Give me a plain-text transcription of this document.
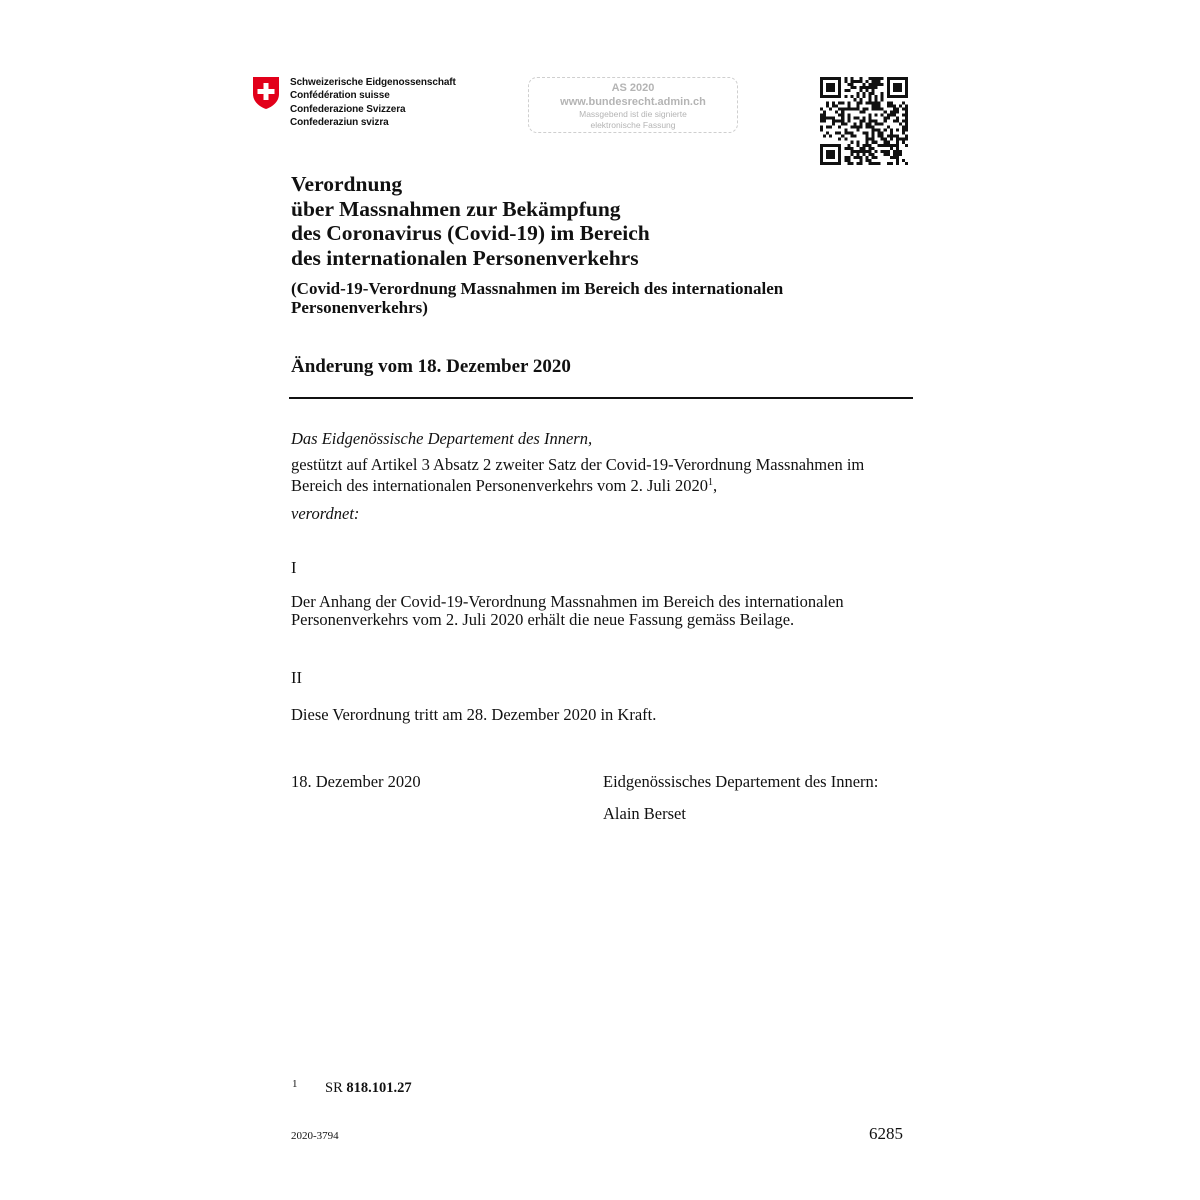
Schweizerische Eidgenossenschaft
Confédération suisse
Confederazione Svizzera
Confederaziun svizra
AS 2020
www.bundesrecht.admin.ch
Massgebend ist die signierte
elektronische Fassung
Verordnung
über Massnahmen zur Bekämpfung
des Coronavirus (Covid-19) im Bereich
des internationalen Personenverkehrs
(Covid-19-Verordnung Massnahmen im Bereich des internationalen Personenverkehrs)
Änderung vom 18. Dezember 2020
Das Eidgenössische Departement des Innern,
gestützt auf Artikel 3 Absatz 2 zweiter Satz der Covid-19-Verordnung Massnahmen im Bereich des internationalen Personenverkehrs vom 2. Juli 2020$^1$,
verordnet:
I
Der Anhang der Covid-19-Verordnung Massnahmen im Bereich des internationalen Personenverkehrs vom 2. Juli 2020 erhält die neue Fassung gemäss Beilage.
II
Diese Verordnung tritt am 28. Dezember 2020 in Kraft.
18. Dezember 2020	Eidgenössisches Departement des Innern:
Alain Berset
1 SR 818.101.27
2020-3794	6285
